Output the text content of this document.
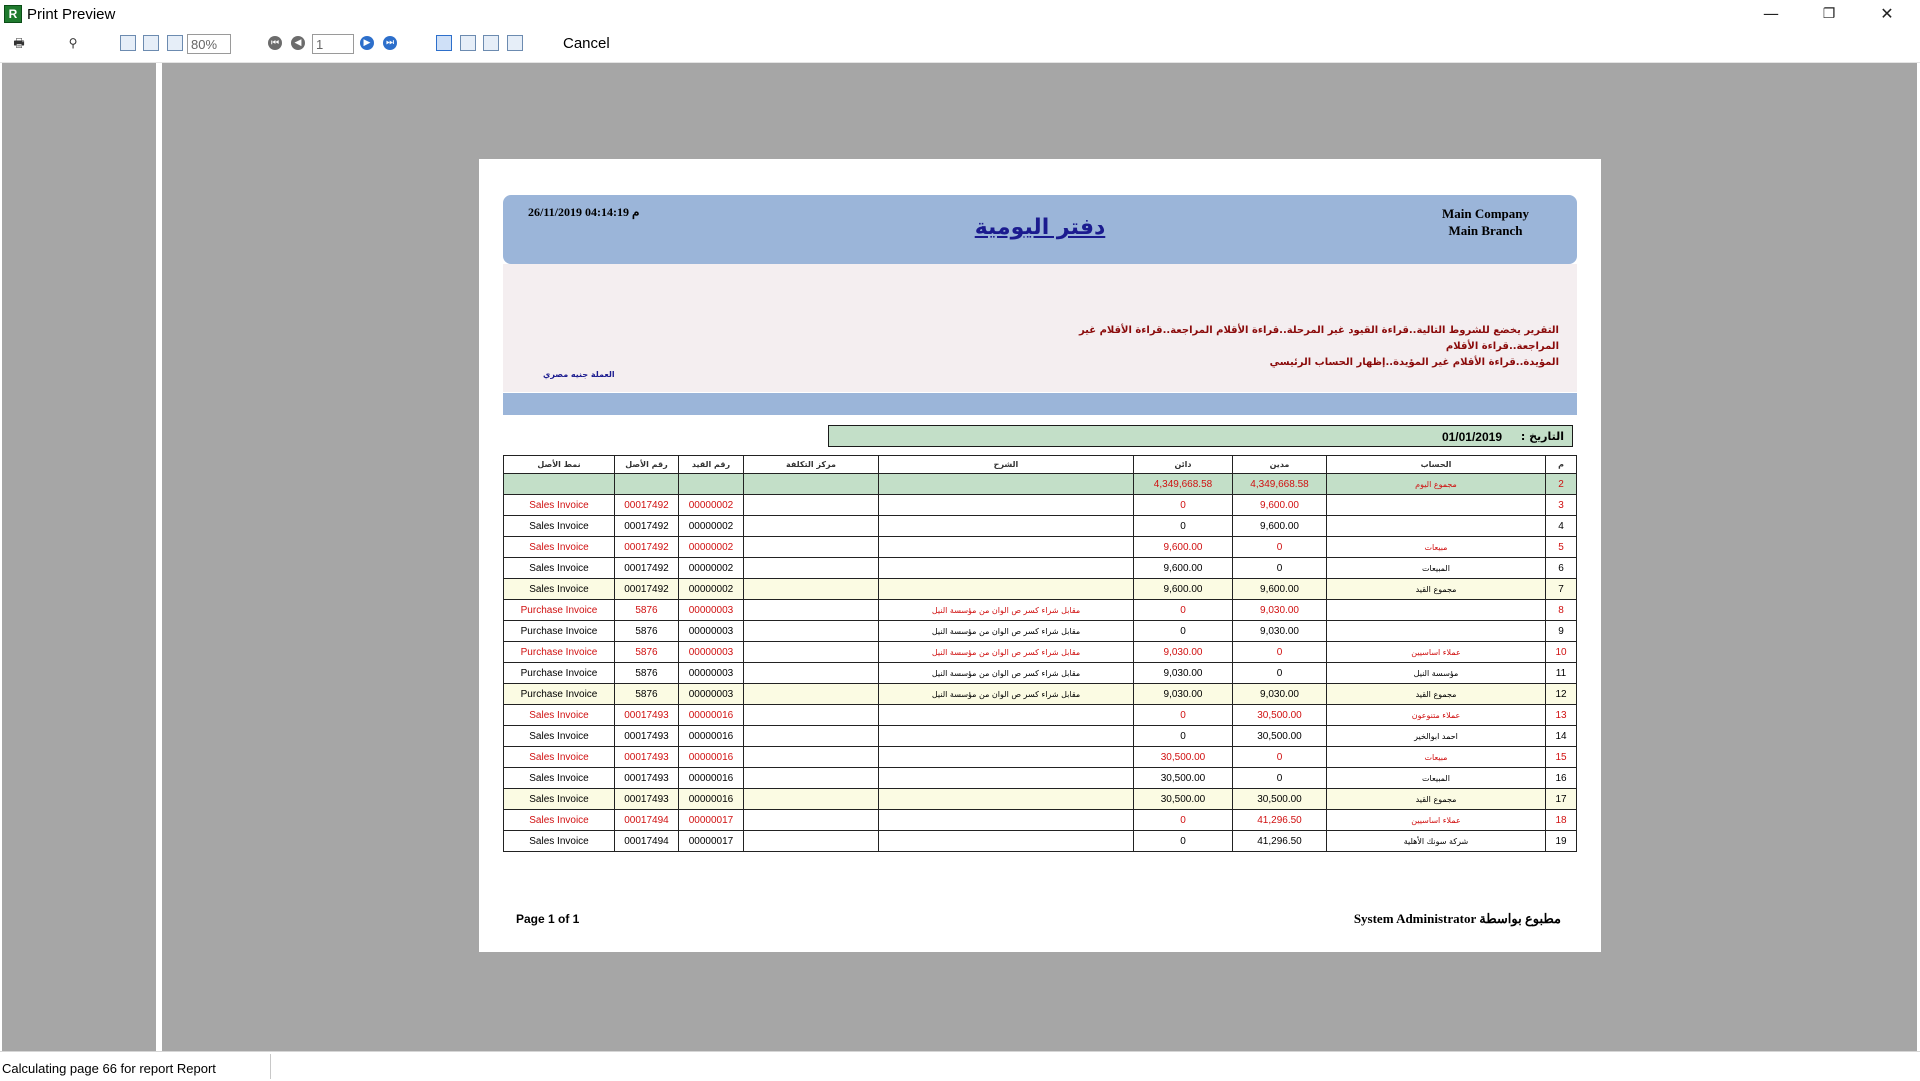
R Print Preview	—	❐	✕
🖶	⚲
80%	⏮	◀
1	▶	⏭	Cancel
26/11/2019 04:14:19 م
دفتر اليومية
Main Company
Main Branch
التقرير يخضع للشروط التالية..قراءة القيود غير المرحلة..قراءة الأقلام المراجعة..قراءة الأقلام غير المراجعة..قراءة الأقلام
المؤيدة..قراءة الأقلام غير المؤيدة..إظهار الحساب الرئيسي
العملة جنيه مصري
التاريخ :
01/01/2019
نمط الأصل	رقم الأصل	رقم القيد	مركز التكلفة	الشرح	دائن	مدين	الحساب	م
					4,349,668.58	4,349,668.58	مجموع اليوم	2
Sales Invoice	00017492	00000002			0	9,600.00		3
Sales Invoice	00017492	00000002			0	9,600.00		4
Sales Invoice	00017492	00000002			9,600.00	0	مبيعات	5
Sales Invoice	00017492	00000002			9,600.00	0	المبيعات	6
Sales Invoice	00017492	00000002			9,600.00	9,600.00	مجموع القيد	7
Purchase Invoice	5876	00000003		مقابل شراء كسر ص الوان من مؤسسة النيل	0	9,030.00		8
Purchase Invoice	5876	00000003		مقابل شراء كسر ص الوان من مؤسسة النيل	0	9,030.00		9
Purchase Invoice	5876	00000003		مقابل شراء كسر ص الوان من مؤسسة النيل	9,030.00	0	عملاء اساسيين	10
Purchase Invoice	5876	00000003		مقابل شراء كسر ص الوان من مؤسسة النيل	9,030.00	0	مؤسسة النيل	11
Purchase Invoice	5876	00000003		مقابل شراء كسر ص الوان من مؤسسة النيل	9,030.00	9,030.00	مجموع القيد	12
Sales Invoice	00017493	00000016			0	30,500.00	عملاء متنوعون	13
Sales Invoice	00017493	00000016			0	30,500.00	احمد ابوالخير	14
Sales Invoice	00017493	00000016			30,500.00	0	مبيعات	15
Sales Invoice	00017493	00000016			30,500.00	0	المبيعات	16
Sales Invoice	00017493	00000016			30,500.00	30,500.00	مجموع القيد	17
Sales Invoice	00017494	00000017			0	41,296.50	عملاء اساسيين	18
Sales Invoice	00017494	00000017			0	41,296.50	شركة سونك الأهلية	19
Page 1 of 1	System Administrator مطبوع بواسطة
Calculating page 66 for report Report
